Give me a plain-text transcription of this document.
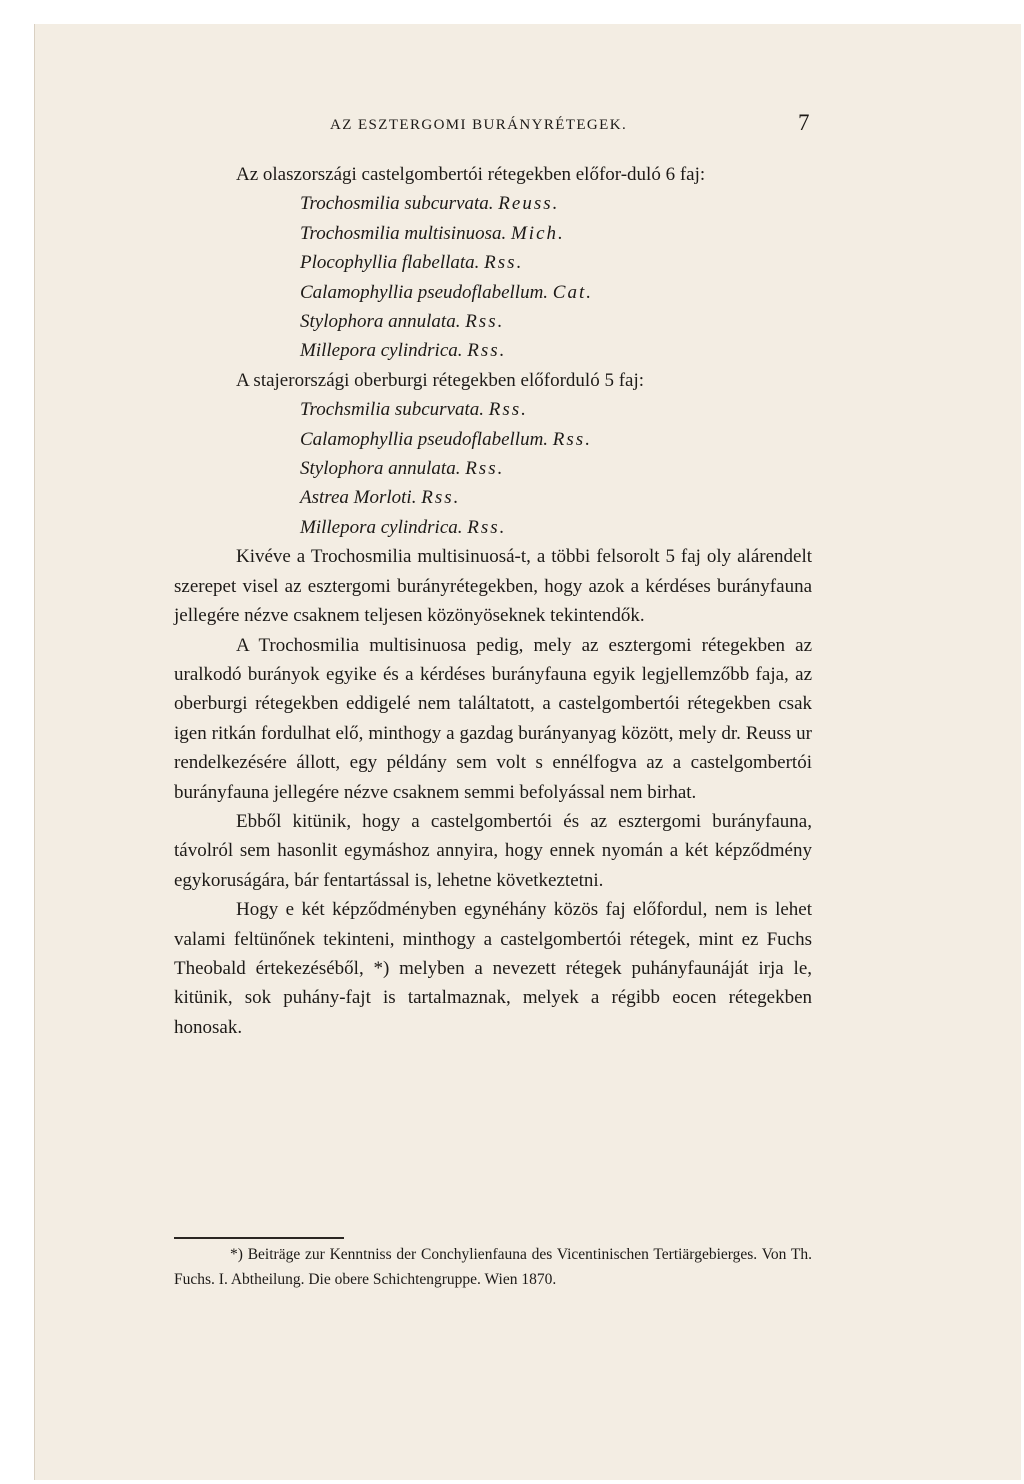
AZ ESZTERGOMI BURÁNYRÉTEGEK.	7

Az olaszországi castelgombertói rétegekben előfor-duló 6 faj:

Trochosmilia subcurvata. Reuss.
Trochosmilia multisinuosa. Mich.
Plocophyllia flabellata. Rss.
Calamophyllia pseudoflabellum. Cat.
Stylophora annulata. Rss.
Millepora cylindrica. Rss.

A stajerországi oberburgi rétegekben előforduló 5 faj:

Trochsmilia subcurvata. Rss.
Calamophyllia pseudoflabellum. Rss.
Stylophora annulata. Rss.
Astrea Morloti. Rss.
Millepora cylindrica. Rss.

Kivéve a Trochosmilia multisinuosá-t, a többi felsorolt 5 faj oly alárendelt szerepet visel az esztergomi burányrétegekben, hogy azok a kérdéses burányfauna jellegére nézve csaknem teljesen közönyöseknek tekintendők.

A Trochosmilia multisinuosa pedig, mely az esztergomi rétegekben az uralkodó burányok egyike és a kérdéses burányfauna egyik legjellemzőbb faja, az oberburgi rétegekben eddigelé nem találtatott, a castelgombertói rétegekben csak igen ritkán fordulhat elő, minthogy a gazdag burányanyag között, mely dr. Reuss ur rendelkezésére állott, egy példány sem volt s ennélfogva az a castelgombertói burányfauna jellegére nézve csaknem semmi befolyással nem birhat.

Ebből kitünik, hogy a castelgombertói és az esztergomi burányfauna, távolról sem hasonlit egymáshoz annyira, hogy ennek nyomán a két képződmény egykoruságára, bár fentartással is, lehetne következtetni.

Hogy e két képződményben egynéhány közös faj előfordul, nem is lehet valami feltünőnek tekinteni, minthogy a castelgombertói rétegek, mint ez Fuchs Theobald értekezéséből, *) melyben a nevezett rétegek puhányfaunáját irja le, kitünik, sok puhány-fajt is tartalmaznak, melyek a régibb eocen rétegekben honosak.

*) Beiträge zur Kenntniss der Conchylienfauna des Vicentinischen Tertiärgebierges. Von Th. Fuchs. I. Abtheilung. Die obere Schichtengruppe. Wien 1870.
